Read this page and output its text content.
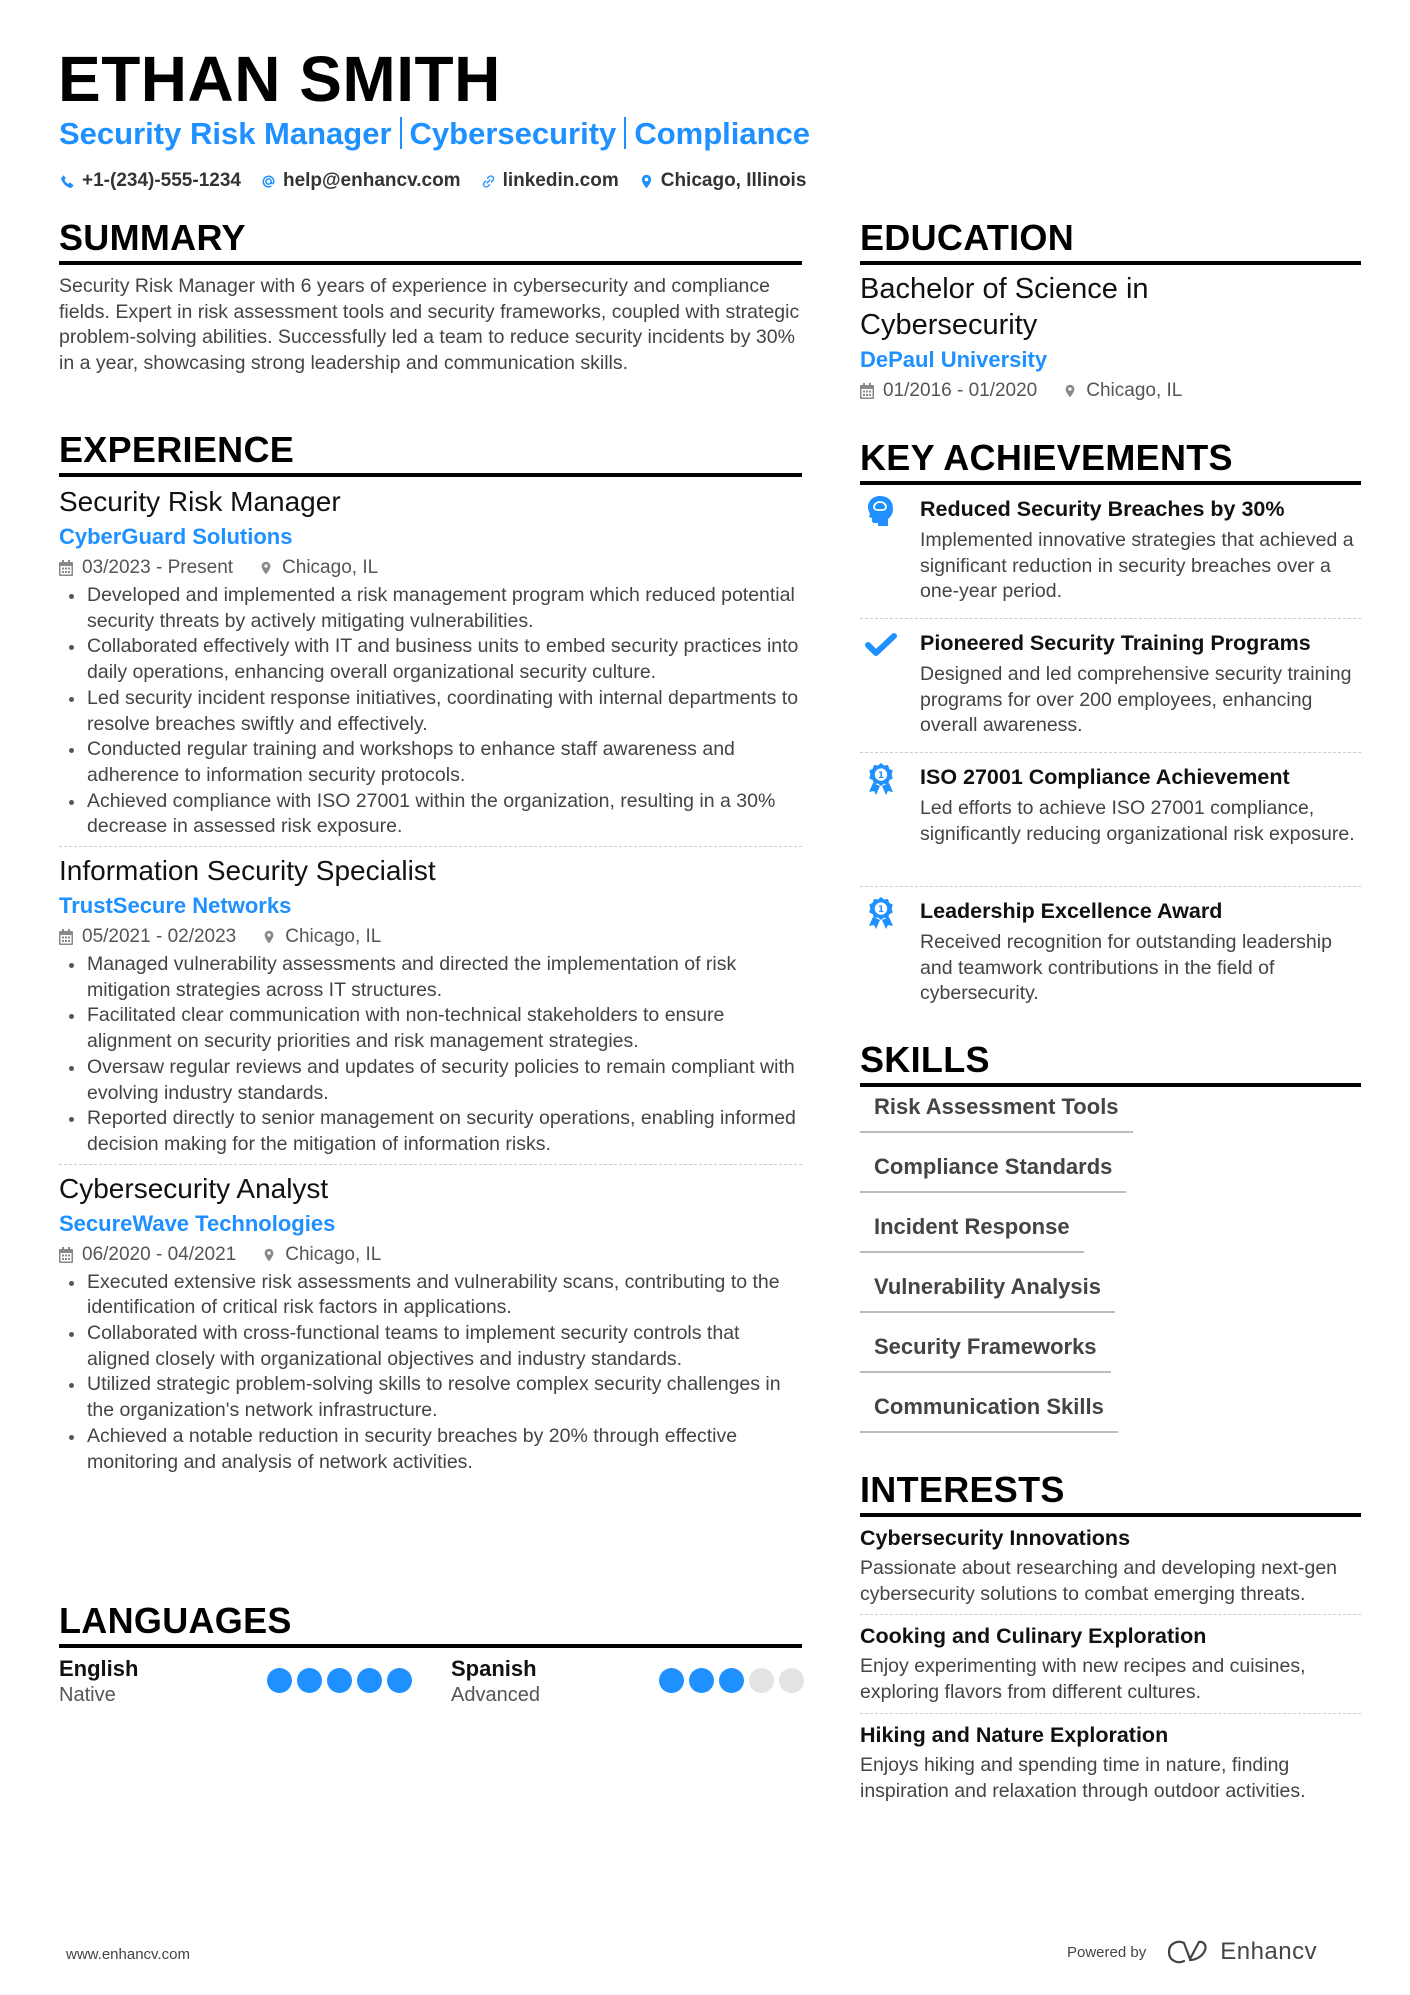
ETHAN SMITH
Security Risk Manager Cybersecurity Compliance
+1-(234)-555-1234 help@enhancv.com linkedin.com Chicago, Illinois
SUMMARY

Security Risk Manager with 6 years of experience in cybersecurity and compliance fields. Expert in risk assessment tools and security frameworks, coupled with strategic problem-solving abilities. Successfully led a team to reduce security incidents by 30% in a year, showcasing strong leadership and communication skills.

EXPERIENCE
Security Risk Manager
CyberGuard Solutions
03/2023 - Present	Chicago, IL
Developed and implemented a risk management program which reduced potential security threats by actively mitigating vulnerabilities.
Collaborated effectively with IT and business units to embed security practices into daily operations, enhancing overall organizational security culture.
Led security incident response initiatives, coordinating with internal departments to resolve breaches swiftly and effectively.
Conducted regular training and workshops to enhance staff awareness and adherence to information security protocols.
Achieved compliance with ISO 27001 within the organization, resulting in a 30% decrease in assessed risk exposure.
Information Security Specialist
TrustSecure Networks
05/2021 - 02/2023	Chicago, IL
Managed vulnerability assessments and directed the implementation of risk mitigation strategies across IT structures.
Facilitated clear communication with non-technical stakeholders to ensure alignment on security priorities and risk management strategies.
Oversaw regular reviews and updates of security policies to remain compliant with evolving industry standards.
Reported directly to senior management on security operations, enabling informed decision making for the mitigation of information risks.
Cybersecurity Analyst
SecureWave Technologies
06/2020 - 04/2021	Chicago, IL
Executed extensive risk assessments and vulnerability scans, contributing to the identification of critical risk factors in applications.
Collaborated with cross-functional teams to implement security controls that aligned closely with organizational objectives and industry standards.
Utilized strategic problem-solving skills to resolve complex security challenges in the organization's network infrastructure.
Achieved a notable reduction in security breaches by 20% through effective monitoring and analysis of network activities.
LANGUAGES
English
Native
Spanish
Advanced
EDUCATION
Bachelor of Science in Cybersecurity
DePaul University
01/2016 - 01/2020	Chicago, IL
KEY ACHIEVEMENTS
Reduced Security Breaches by 30%
Implemented innovative strategies that achieved a significant reduction in security breaches over a one-year period.
Pioneered Security Training Programs
Designed and led comprehensive security training programs for over 200 employees, enhancing overall awareness.
1 ISO 27001 Compliance Achievement
Led efforts to achieve ISO 27001 compliance, significantly reducing organizational risk exposure.
1 Leadership Excellence Award
Received recognition for outstanding leadership and teamwork contributions in the field of cybersecurity.
SKILLS
Risk Assessment Tools
Compliance Standards
Incident Response
Vulnerability Analysis
Security Frameworks
Communication Skills
INTERESTS
Cybersecurity Innovations
Passionate about researching and developing next-gen cybersecurity solutions to combat emerging threats.
Cooking and Culinary Exploration
Enjoy experimenting with new recipes and cuisines, exploring flavors from different cultures.
Hiking and Nature Exploration
Enjoys hiking and spending time in nature, finding inspiration and relaxation through outdoor activities.
www.enhancv.com	Powered by	Enhancv
